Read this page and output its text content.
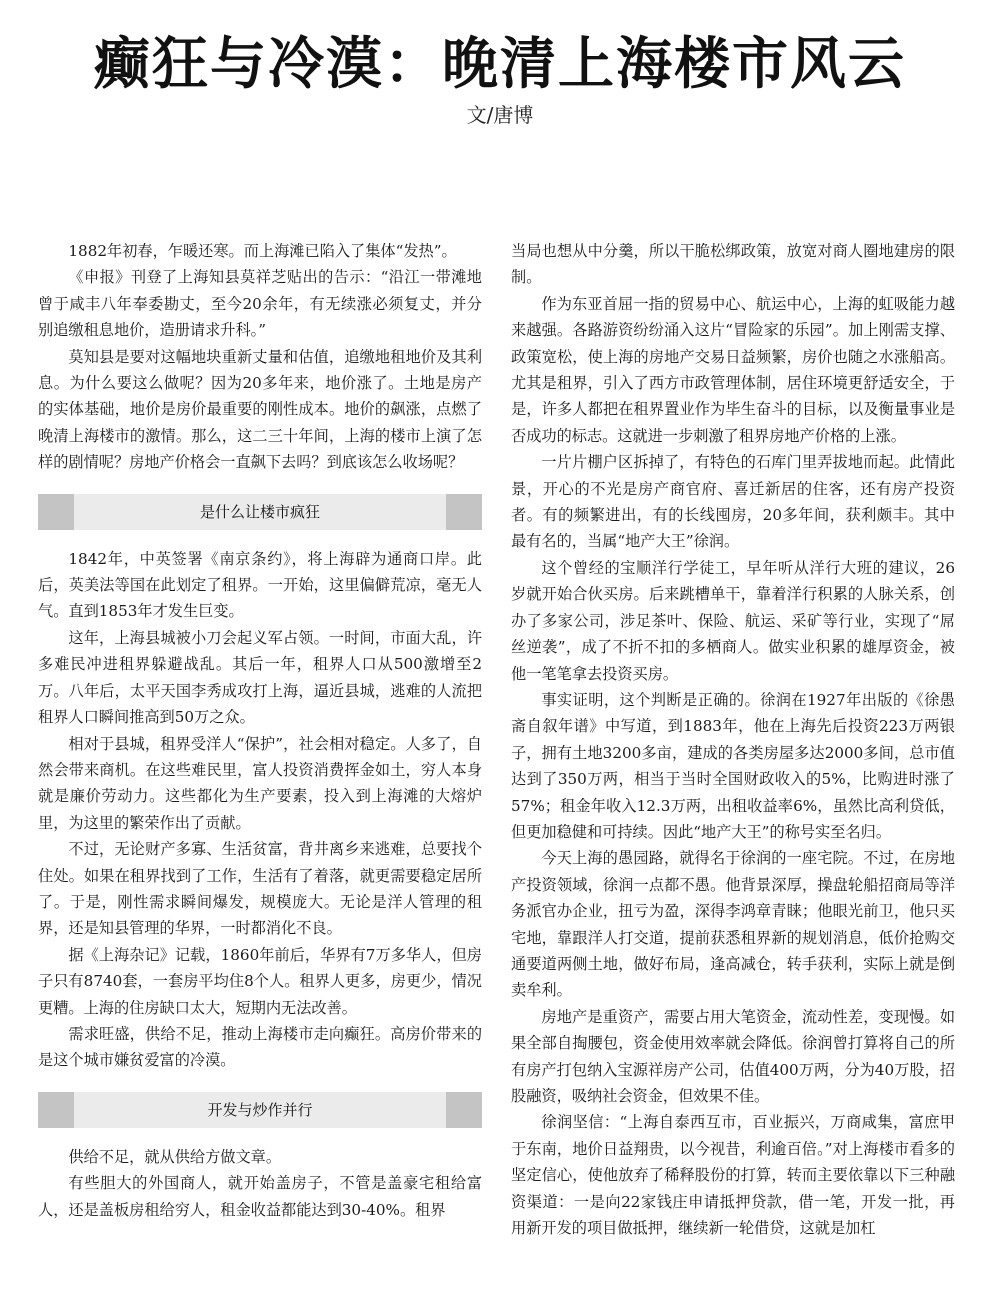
癫狂与冷漠：晚清上海楼市风云
文/唐博

1882年初春，乍暖还寒。而上海滩已陷入了集体“发热”。

《申报》刊登了上海知县莫祥芝贴出的告示：“沿江一带滩地曾于咸丰八年奉委勘丈，至今20余年，有无续涨必须复丈，并分别追缴租息地价，造册请求升科。”

莫知县是要对这幅地块重新丈量和估值，追缴地租地价及其利息。为什么要这么做呢？因为20多年来，地价涨了。土地是房产的实体基础，地价是房价最重要的刚性成本。地价的飙涨，点燃了晚清上海楼市的激情。那么，这二三十年间，上海的楼市上演了怎样的剧情呢？房地产价格会一直飙下去吗？到底该怎么收场呢？

是什么让楼市疯狂

1842年，中英签署《南京条约》，将上海辟为通商口岸。此后，英美法等国在此划定了租界。一开始，这里偏僻荒凉，毫无人气。直到1853年才发生巨变。

这年，上海县城被小刀会起义军占领。一时间，市面大乱，许多难民冲进租界躲避战乱。其后一年，租界人口从500激增至2万。八年后，太平天国李秀成攻打上海，逼近县城，逃难的人流把租界人口瞬间推高到50万之众。

相对于县城，租界受洋人“保护”，社会相对稳定。人多了，自然会带来商机。在这些难民里，富人投资消费挥金如土，穷人本身就是廉价劳动力。这些都化为生产要素，投入到上海滩的大熔炉里，为这里的繁荣作出了贡献。

不过，无论财产多寡、生活贫富，背井离乡来逃难，总要找个住处。如果在租界找到了工作，生活有了着落，就更需要稳定居所了。于是，刚性需求瞬间爆发，规模庞大。无论是洋人管理的租界，还是知县管理的华界，一时都消化不良。

据《上海杂记》记载，1860年前后，华界有7万多华人，但房子只有8740套，一套房平均住8个人。租界人更多，房更少，情况更糟。上海的住房缺口太大，短期内无法改善。

需求旺盛，供给不足，推动上海楼市走向癫狂。高房价带来的是这个城市嫌贫爱富的冷漠。

开发与炒作并行

供给不足，就从供给方做文章。

有些胆大的外国商人，就开始盖房子，不管是盖豪宅租给富人，还是盖板房租给穷人，租金收益都能达到30-40%。租界

当局也想从中分羹，所以干脆松绑政策，放宽对商人圈地建房的限制。

作为东亚首屈一指的贸易中心、航运中心，上海的虹吸能力越来越强。各路游资纷纷涌入这片“冒险家的乐园”。加上刚需支撑、政策宽松，使上海的房地产交易日益频繁，房价也随之水涨船高。尤其是租界，引入了西方市政管理体制，居住环境更舒适安全，于是，许多人都把在租界置业作为毕生奋斗的目标，以及衡量事业是否成功的标志。这就进一步刺激了租界房地产价格的上涨。

一片片棚户区拆掉了，有特色的石库门里弄拔地而起。此情此景，开心的不光是房产商官府、喜迁新居的住客，还有房产投资者。有的频繁进出，有的长线囤房，20多年间，获利颇丰。其中最有名的，当属“地产大王”徐润。

这个曾经的宝顺洋行学徒工，早年听从洋行大班的建议，26岁就开始合伙买房。后来跳槽单干，靠着洋行积累的人脉关系，创办了多家公司，涉足茶叶、保险、航运、采矿等行业，实现了“屌丝逆袭”，成了不折不扣的多栖商人。做实业积累的雄厚资金，被他一笔笔拿去投资买房。

事实证明，这个判断是正确的。徐润在1927年出版的《徐愚斋自叙年谱》中写道，到1883年，他在上海先后投资223万两银子，拥有土地3200多亩，建成的各类房屋多达2000多间，总市值达到了350万两，相当于当时全国财政收入的5%，比购进时涨了57%；租金年收入12.3万两，出租收益率6%，虽然比高利贷低，但更加稳健和可持续。因此“地产大王”的称号实至名归。

今天上海的愚园路，就得名于徐润的一座宅院。不过，在房地产投资领域，徐润一点都不愚。他背景深厚，操盘轮船招商局等洋务派官办企业，扭亏为盈，深得李鸿章青睐；他眼光前卫，他只买宅地，靠跟洋人打交道，提前获悉租界新的规划消息，低价抢购交通要道两侧土地，做好布局，逢高减仓，转手获利，实际上就是倒卖牟利。

房地产是重资产，需要占用大笔资金，流动性差，变现慢。如果全部自掏腰包，资金使用效率就会降低。徐润曾打算将自己的所有房产打包纳入宝源祥房产公司，估值400万两，分为40万股，招股融资，吸纳社会资金，但效果不佳。

徐润坚信：“上海自泰西互市，百业振兴，万商咸集，富庶甲于东南，地价日益翔贵，以今视昔，利逾百倍。”对上海楼市看多的坚定信心，使他放弃了稀释股份的打算，转而主要依靠以下三种融资渠道：一是向22家钱庄申请抵押贷款，借一笔，开发一批，再用新开发的项目做抵押，继续新一轮借贷，这就是加杠
